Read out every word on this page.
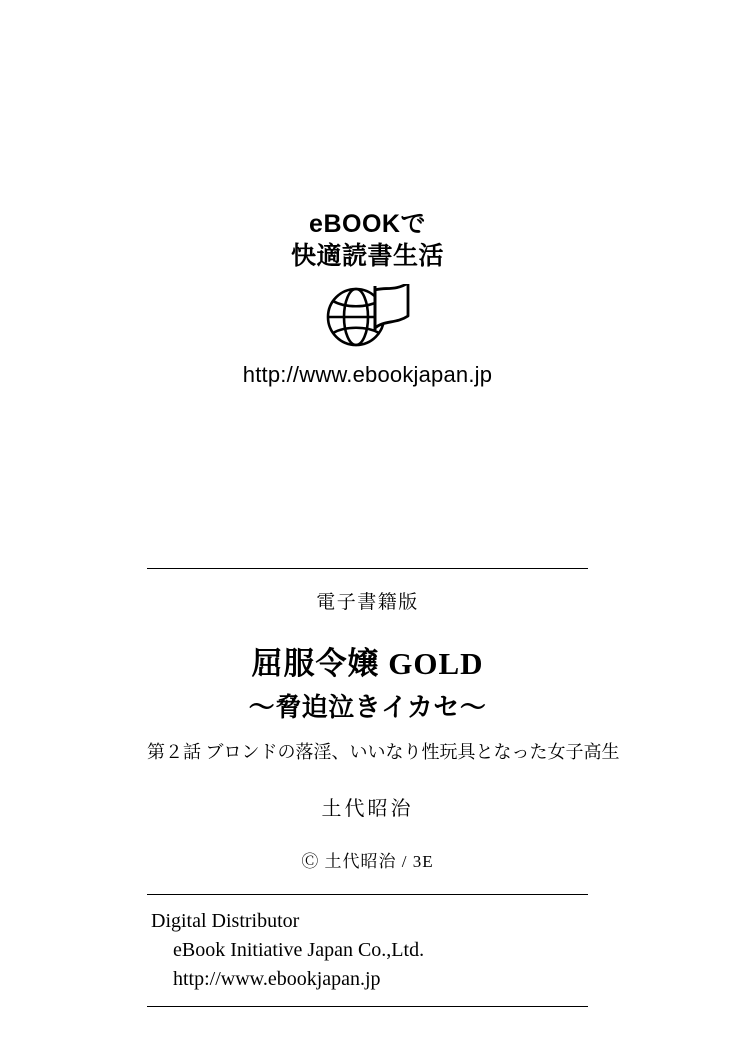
eBOOKで
快適読書生活
http://www.ebookjapan.jp
電子書籍版
屈服令嬢 GOLD
〜脅迫泣きイカセ〜
第２話 ブロンドの落淫、いいなり性玩具となった女子高生
土代昭治
Ⓒ 土代昭治 / 3E
Digital Distributor
eBook Initiative Japan Co.,Ltd.
http://www.ebookjapan.jp
